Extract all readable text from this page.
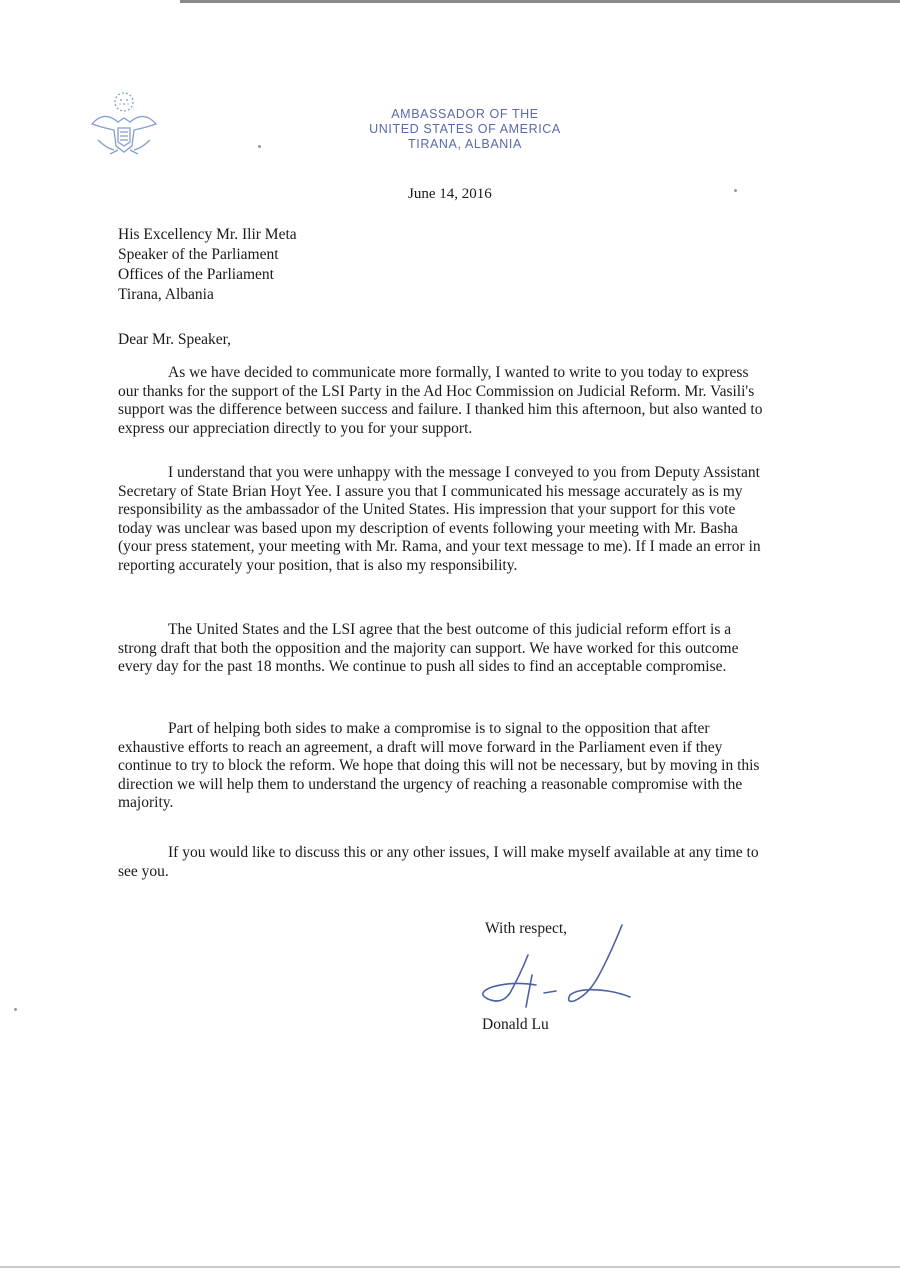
AMBASSADOR OF THE
UNITED STATES OF AMERICA
TIRANA, ALBANIA
June 14, 2016
His Excellency Mr. Ilir Meta
Speaker of the Parliament
Offices of the Parliament
Tirana, Albania
Dear Mr. Speaker,

As we have decided to communicate more formally, I wanted to write to you today to express our thanks for the support of the LSI Party in the Ad Hoc Commission on Judicial Reform. Mr. Vasili's support was the difference between success and failure. I thanked him this afternoon, but also wanted to express our appreciation directly to you for your support.

I understand that you were unhappy with the message I conveyed to you from Deputy Assistant Secretary of State Brian Hoyt Yee. I assure you that I communicated his message accurately as is my responsibility as the ambassador of the United States. His impression that your support for this vote today was unclear was based upon my description of events following your meeting with Mr. Basha (your press statement, your meeting with Mr. Rama, and your text message to me). If I made an error in reporting accurately your position, that is also my responsibility.

The United States and the LSI agree that the best outcome of this judicial reform effort is a strong draft that both the opposition and the majority can support. We have worked for this outcome every day for the past 18 months. We continue to push all sides to find an acceptable compromise.

Part of helping both sides to make a compromise is to signal to the opposition that after exhaustive efforts to reach an agreement, a draft will move forward in the Parliament even if they continue to try to block the reform. We hope that doing this will not be necessary, but by moving in this direction we will help them to understand the urgency of reaching a reasonable compromise with the majority.

If you would like to discuss this or any other issues, I will make myself available at any time to see you.

With respect,
Donald Lu
